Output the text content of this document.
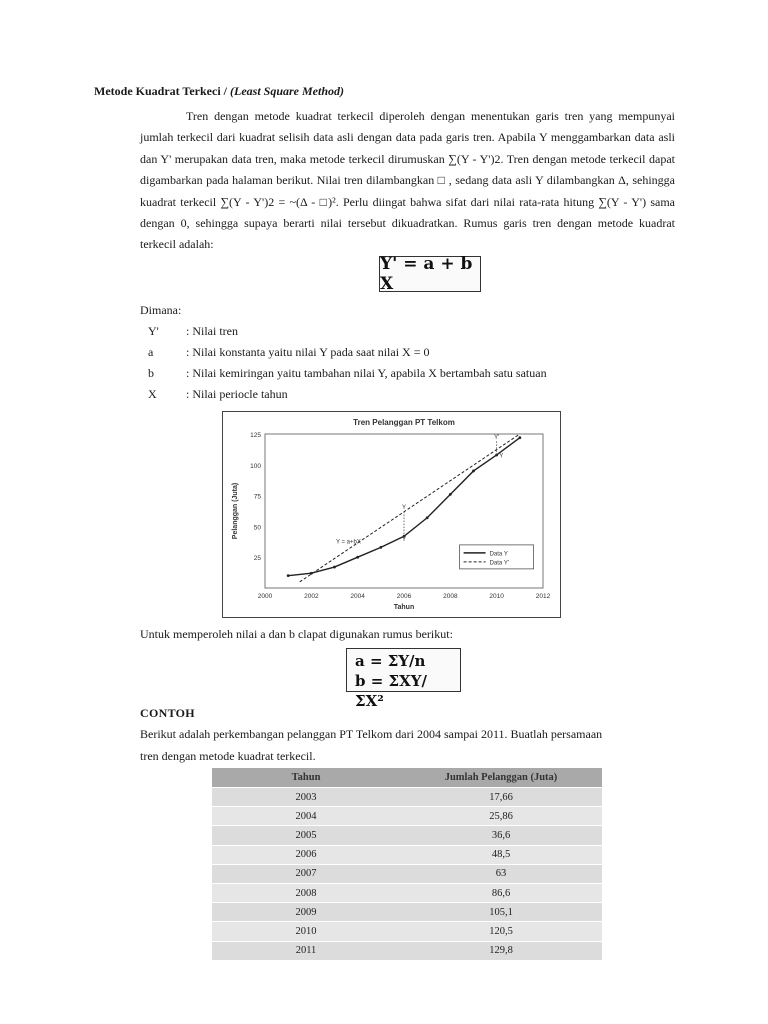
Metode Kuadrat Terkeci / (Least Square Method)
Tren dengan metode kuadrat terkecil diperoleh dengan menentukan garis tren yang mempunyai jumlah terkecil dari kuadrat selisih data asli dengan data pada garis tren. Apabila Y menggambarkan data asli dan Y' merupakan data tren, maka metode terkecil dirumuskan ∑(Y - Y')2. Tren dengan metode terkecil dapat digambarkan pada halaman berikut. Nilai tren dilambangkan □ , sedang data asli Y dilambangkan Δ, sehingga kuadrat terkecil ∑(Y - Y')2 = ~(Δ - □)². Perlu diingat bahwa sifat dari nilai rata-rata hitung ∑(Y - Y') sama dengan 0, sehingga supaya berarti nilai tersebut dikuadratkan. Rumus garis tren dengan metode kuadrat terkecil adalah:
Y' = a + b X
Dimana:
Y'	: Nilai tren
a	: Nilai konstanta yaitu nilai Y pada saat nilai X = 0
b	: Nilai kemiringan yaitu tambahan nilai Y, apabila X bertambah satu satuan
X	: Nilai periocle tahun
Tren Pelanggan PT Telkom
25
50
75
100
125
2000	2002	2004	2006	2008	2010	2012
Tahun
Pelanggan (Juta)
Y = a+bX
Y
Y
Y'
Y
Data Y
Data Y'
Untuk memperoleh nilai a dan b clapat digunakan rumus berikut:
a = ΣY/n
b = ΣXY/ΣX²
CONTOH
Berikut adalah perkembangan pelanggan PT Telkom dari 2004 sampai 2011. Buatlah persamaan tren dengan metode kuadrat terkecil.
Tahun	Jumlah Pelanggan (Juta)
2003	17,66
2004	25,86
2005	36,6
2006	48,5
2007	63
2008	86,6
2009	105,1
2010	120,5
2011	129,8
